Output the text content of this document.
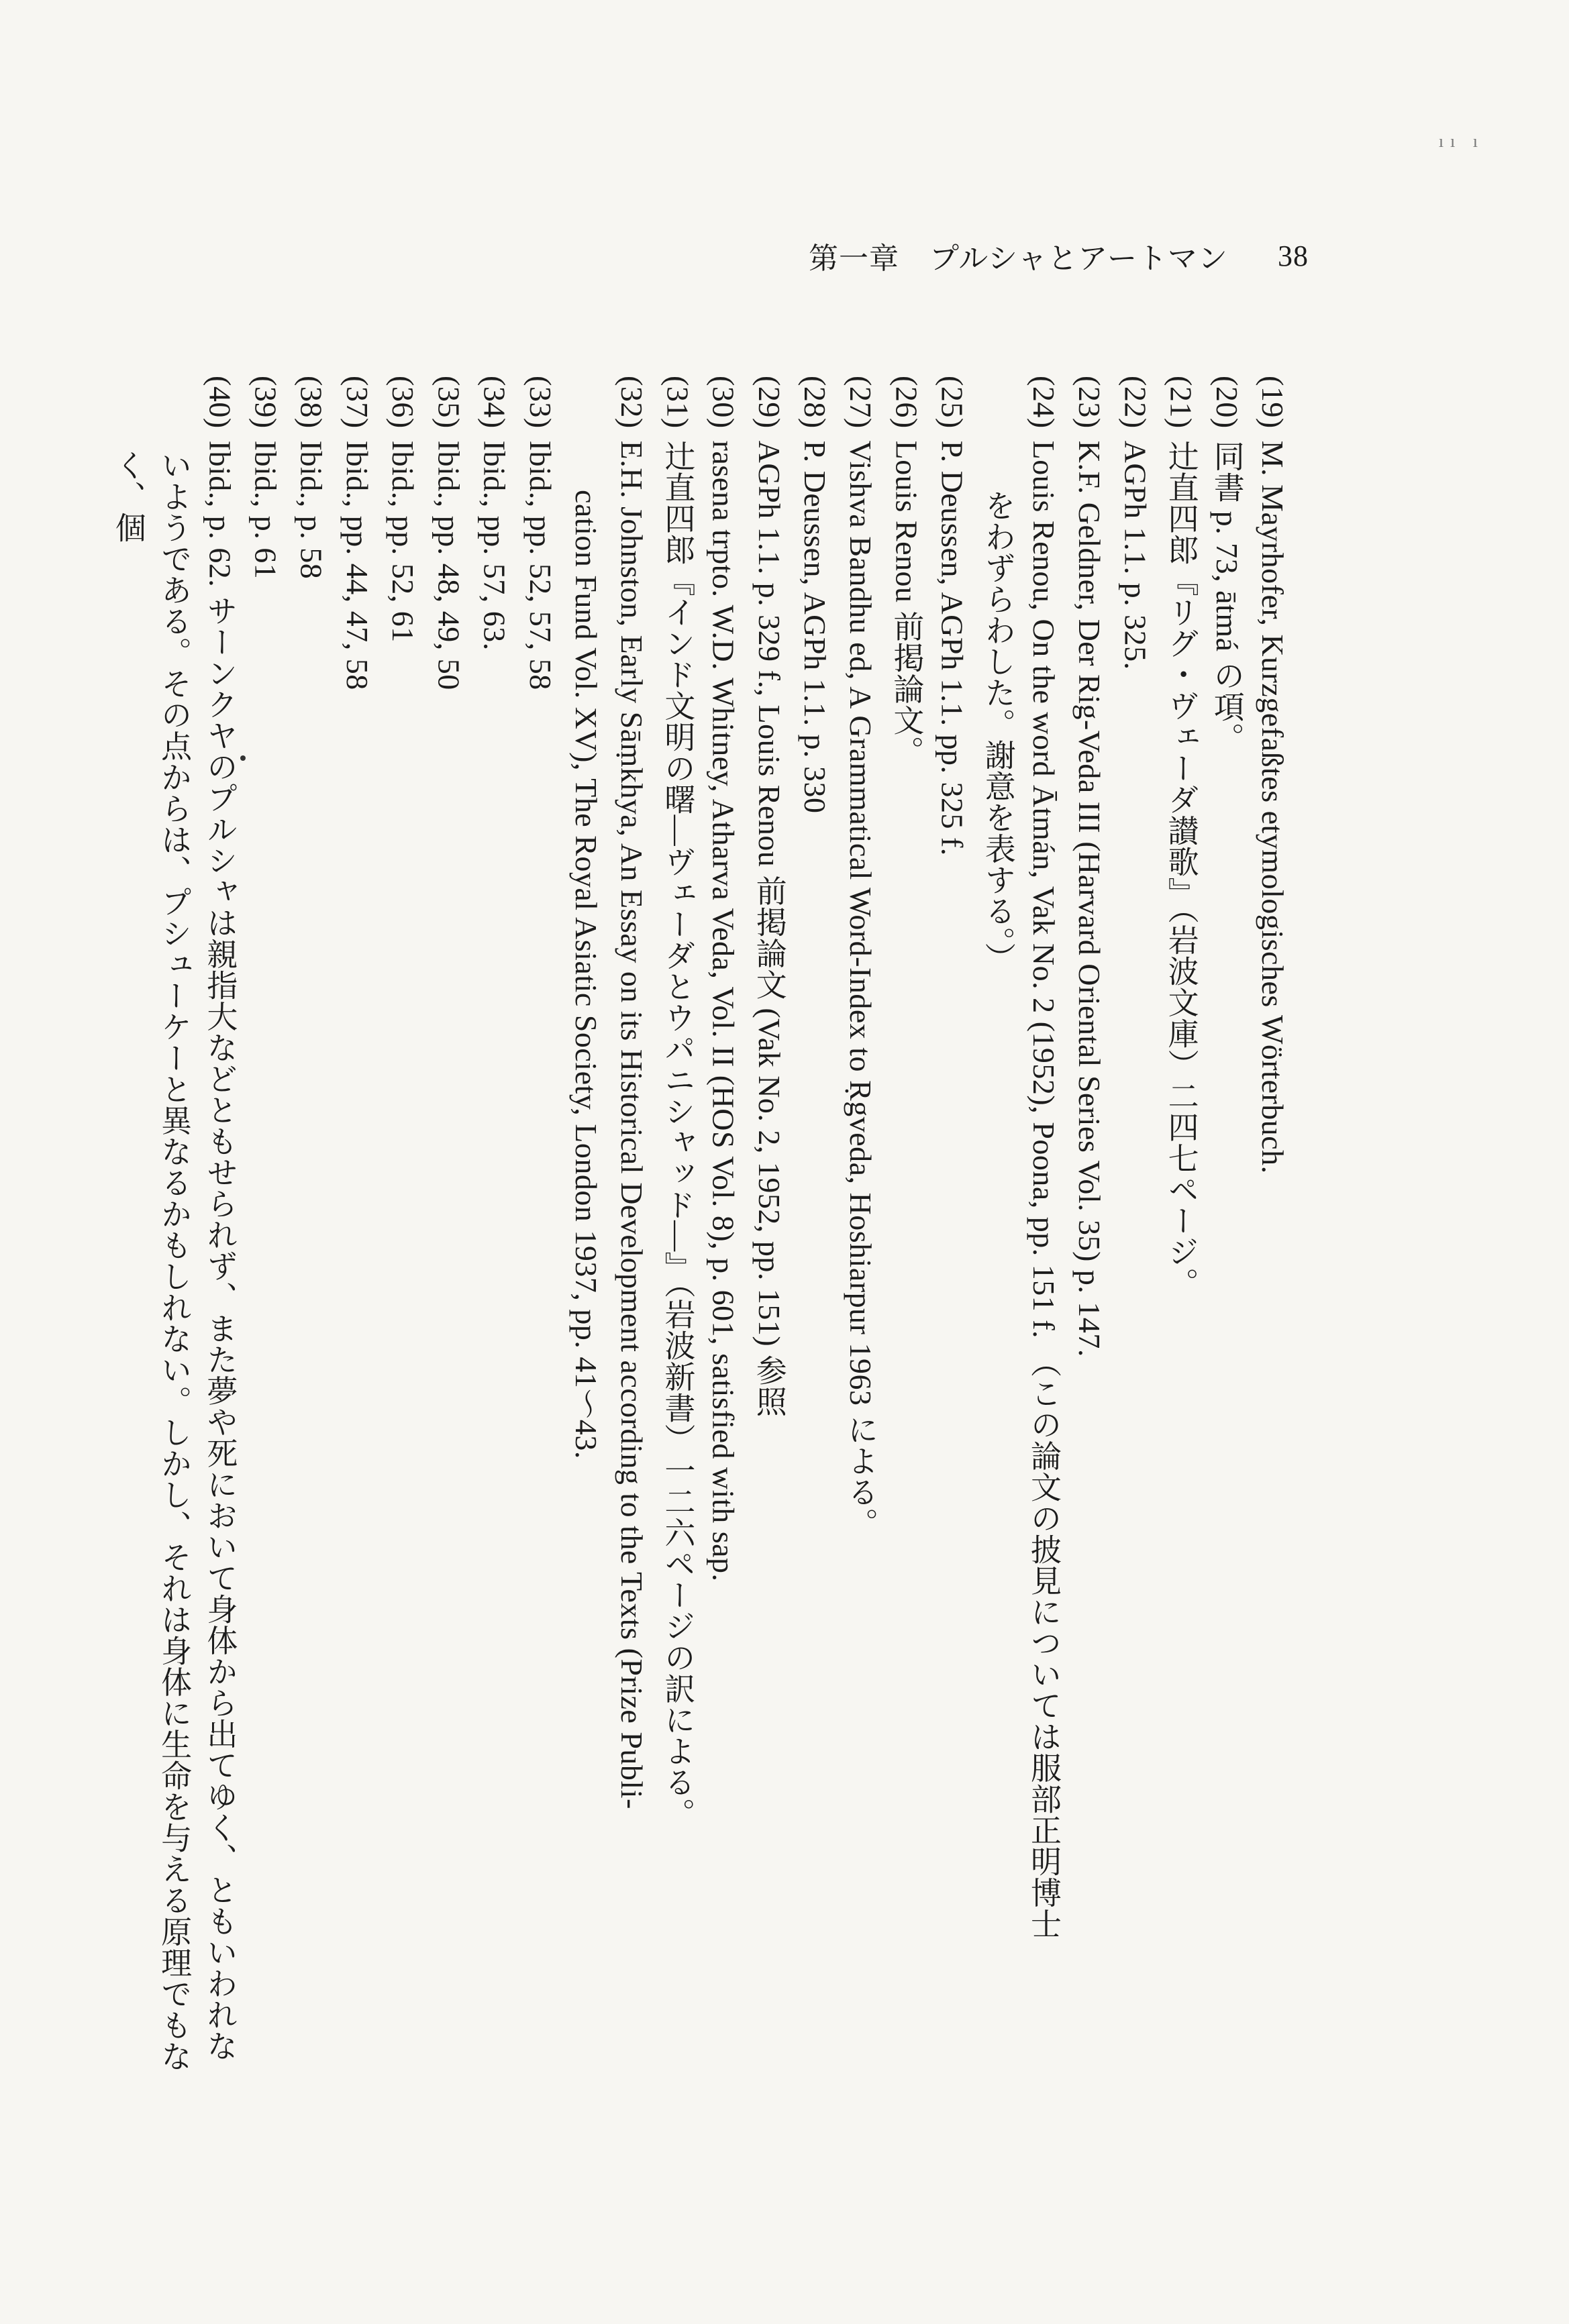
ıı ı
第一章　プルシャとアートマン 38
(19)M. Mayrhofer, Kurzgefaßtes etymologisches Wörterbuch.
(20)同書 p. 73, ātmá の項。
(21)辻直四郎『リグ・ヴェーダ讃歌』（岩波文庫）二四七ページ。
(22)AGPh 1.1. p. 325.
(23)K.F. Geldner, Der Rig-Veda III (Harvard Oriental Series Vol. 35) p. 147.
(24)Louis Renou, On the word Ātmán, Vak No. 2 (1952), Poona, pp. 151 f. （この論文の披見については服部正明博士
をわずらわした。謝意を表する。）
(25)P. Deussen, AGPh 1.1. pp. 325 f.
(26)Louis Renou 前掲論文。
(27)Vishva Bandhu ed, A Grammatical Word-Index to Ṛgveda, Hoshiarpur 1963 による。
(28)P. Deussen, AGPh 1.1. p. 330
(29)AGPh 1.1. p. 329 f., Louis Renou 前掲論文 (Vak No. 2, 1952, pp. 151) 参照
(30)rasena trpto. W.D. Whitney, Atharva Veda, Vol. II (HOS Vol. 8), p. 601, satisfied with sap.
(31)辻直四郎『インド文明の曙―ヴェーダとウパニシャッド―』（岩波新書）一二六ページの訳による。
(32)E.H. Johnston, Early Sāṃkhya, An Essay on its Historical Development according to the Texts (Prize Publi-
cation Fund Vol. XV), The Royal Asiatic Society, London 1937, pp. 41～43.
(33)Ibid., pp. 52, 57, 58
(34)Ibid., pp. 57, 63.
(35)Ibid., pp. 48, 49, 50
(36)Ibid., pp. 52, 61
(37)Ibid., pp. 44, 47, 58
(38)Ibid., p. 58
(39)Ibid., p. 61
(40)Ibid., p. 62. サーンクヤのプルシャは親指大などともせられず、また夢や死において身体から出てゆく、ともいわれな
いようである。その点からは、プシューケーと異なるかもしれない。しかし、それは身体に生命を与える原理でもなく、個
